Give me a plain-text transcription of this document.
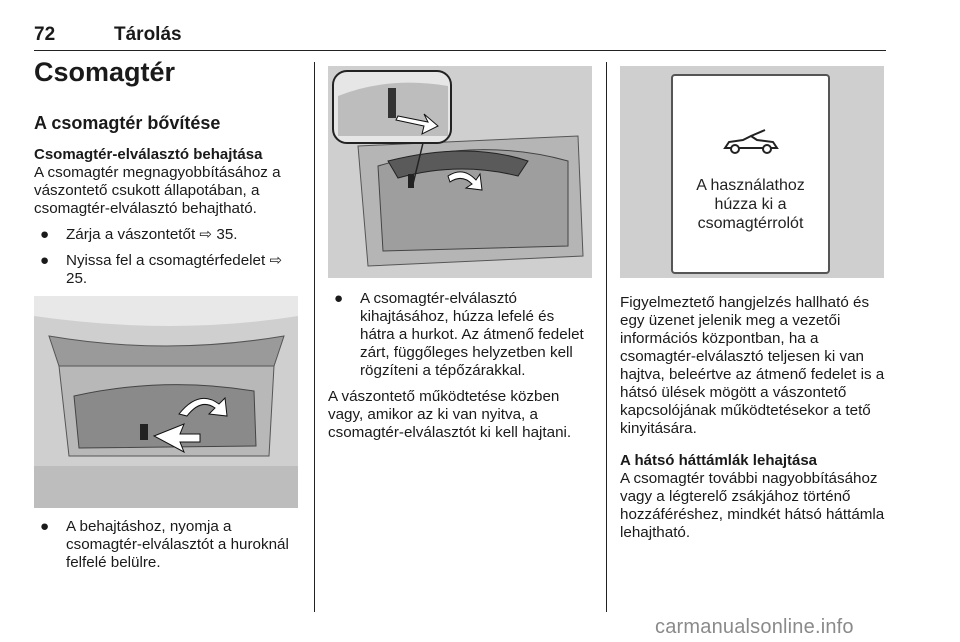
72	Tárolás
Csomagtér
A csomagtér bővítése
Csomagtér-elválasztó behajtása

A csomagtér megnagyobbításához a vászontető csukott állapotában, a csomagtér-elválasztó behajtható.

● Zárja a vászontetőt ⇨ 35.
● Nyissa fel a csomagtérfedelet ⇨ 25.
● A behajtáshoz, nyomja a csomagtér-elválasztót a huroknál felfelé belülre.
● A csomagtér-elválasztó kihajtásához, húzza lefelé és hátra a hurkot. Az átmenő fedelet zárt, függőleges helyzetben kell rögzíteni a tépőzárakkal.

A vászontető működtetése közben vagy, amikor az ki van nyitva, a csomagtér-elválasztót ki kell hajtani.

A használathoz
húzza ki a
csomagtérrolót

Figyelmeztető hangjelzés hallható és egy üzenet jelenik meg a vezetői információs központban, ha a csomagtér-elválasztó teljesen ki van hajtva, beleértve az átmenő fedelet is a hátsó ülések mögött a vászontető kapcsolójának működtetésekor a tető kinyitására.

A hátsó háttámlák lehajtása

A csomagtér további nagyobbításához vagy a légterelő zsákjához történő hozzáféréshez, mindkét hátsó háttámla lehajtható.

carmanualsonline.info
